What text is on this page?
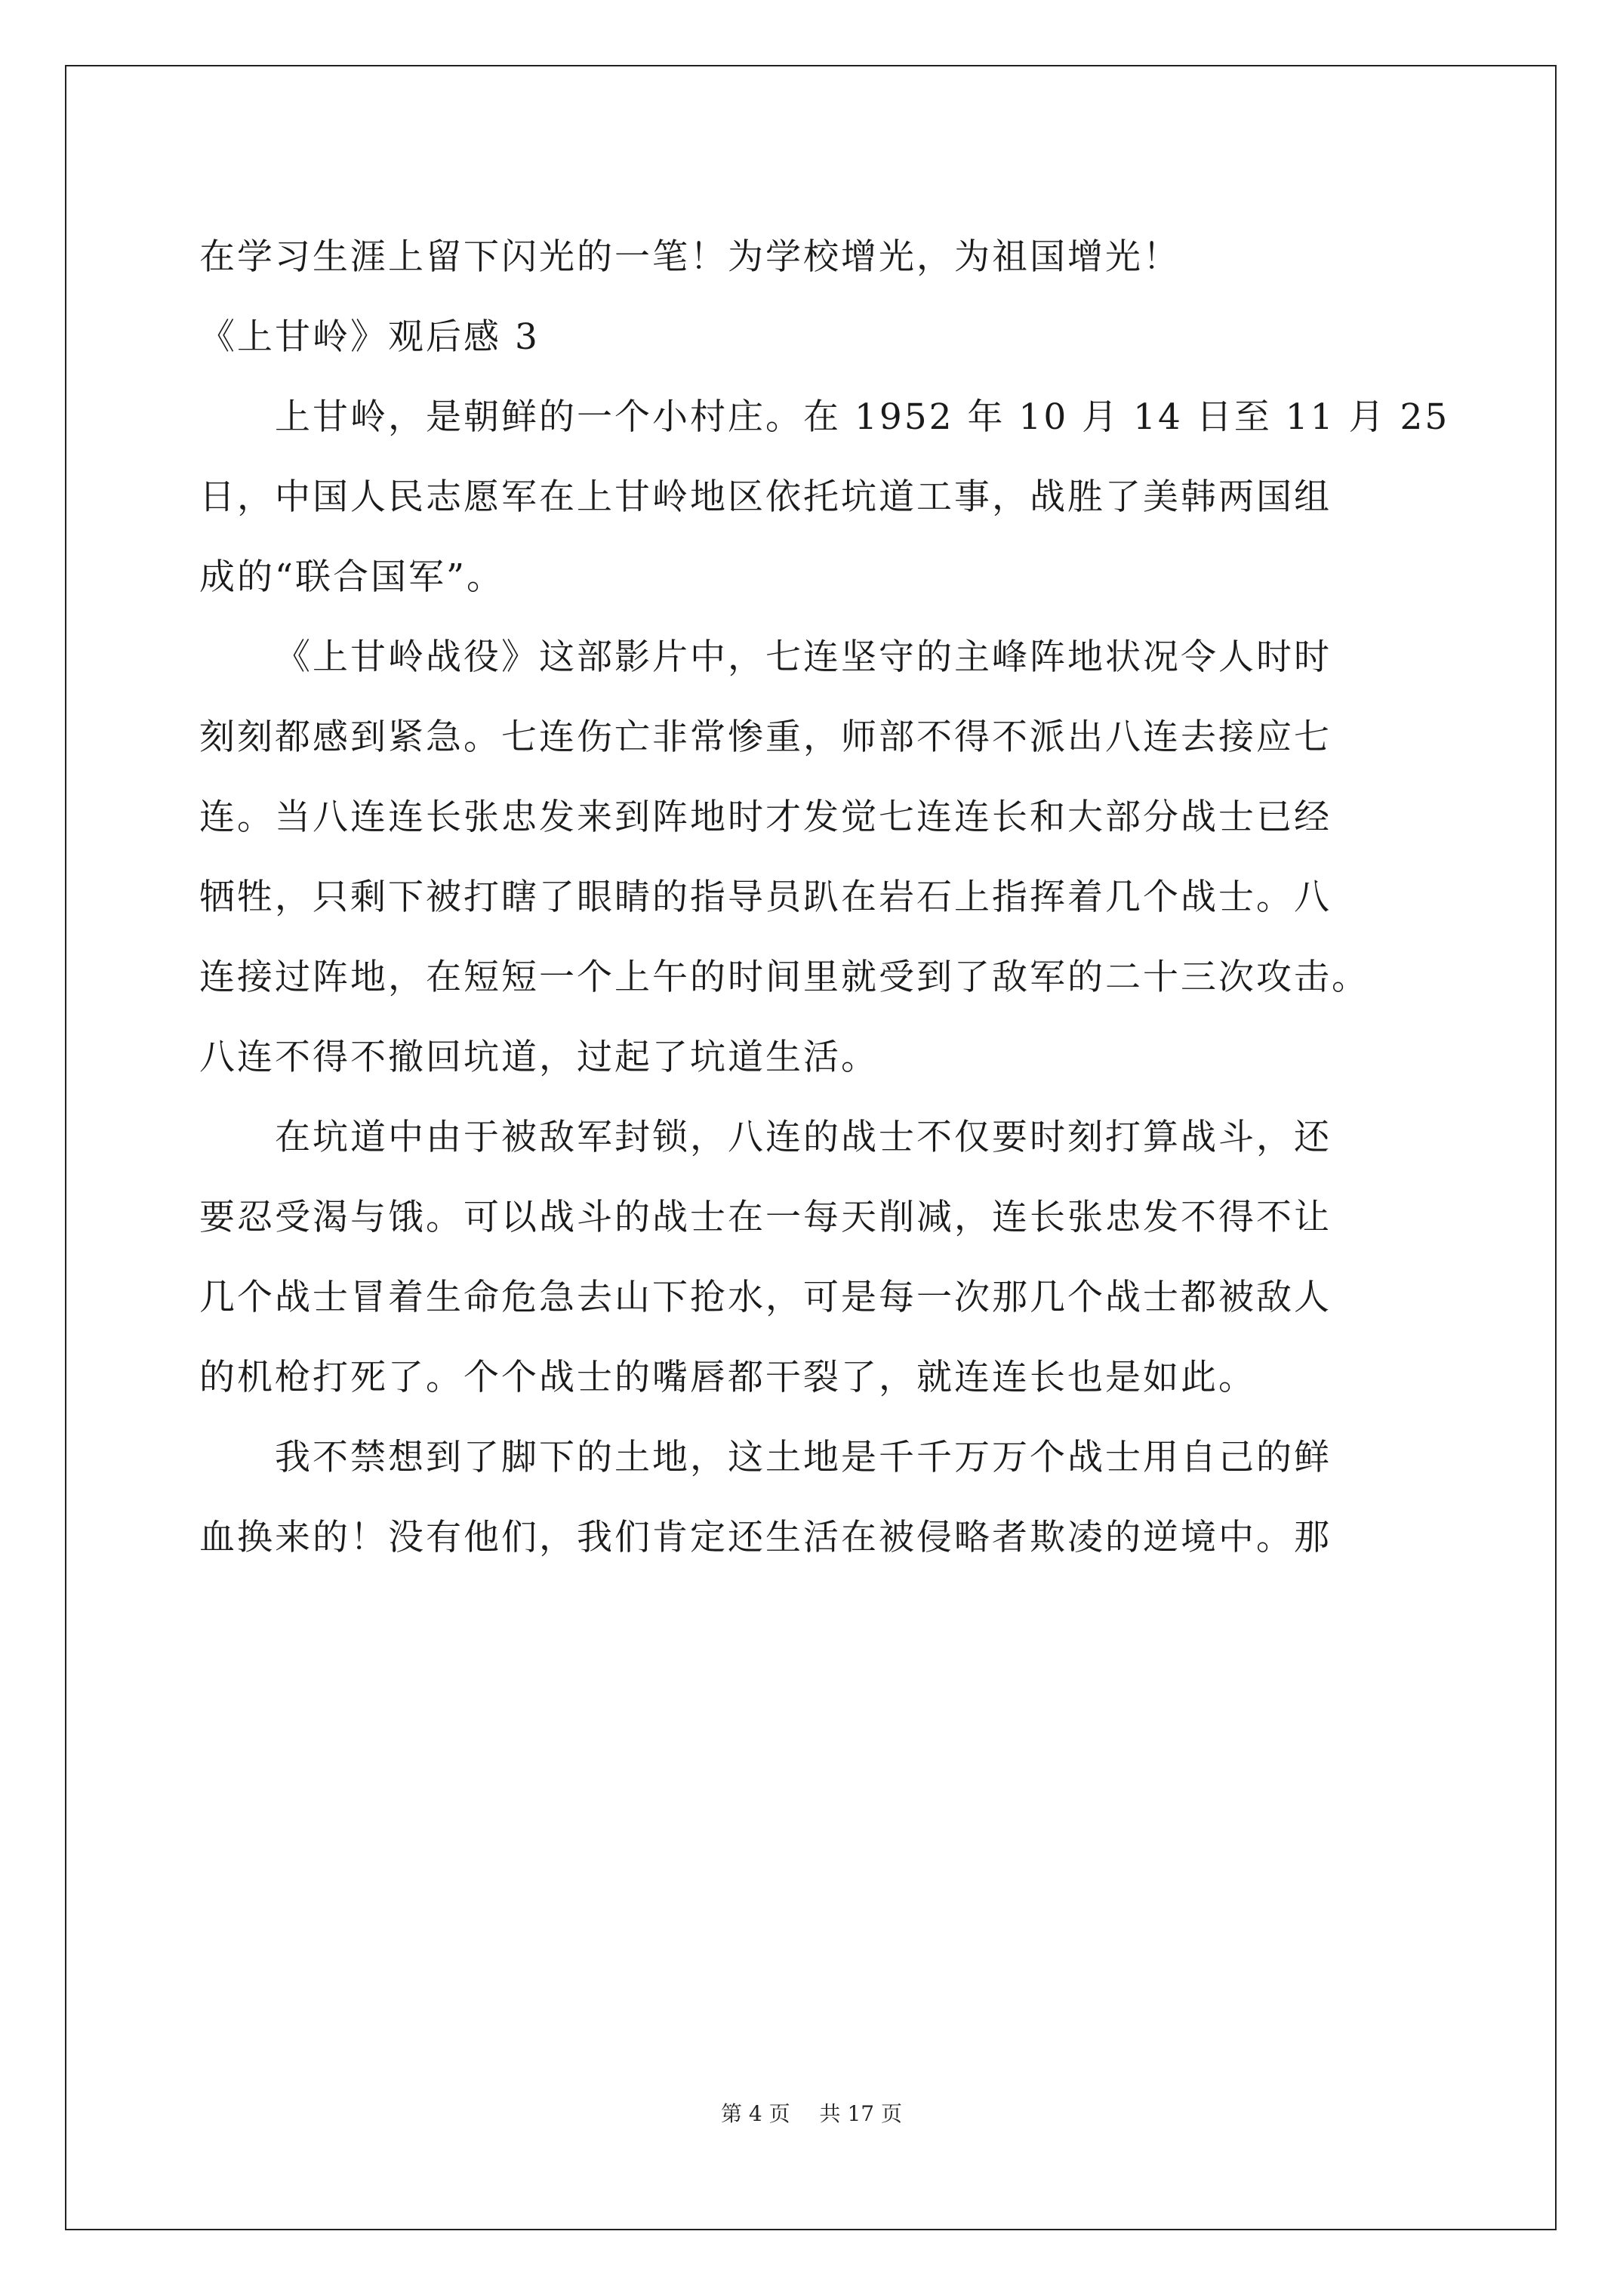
在学习生涯上留下闪光的一笔！为学校增光，为祖国增光！
《上甘岭》观后感 3
上甘岭，是朝鲜的一个小村庄。在 1952 年 10 月 14 日至 11 月 25
日，中国人民志愿军在上甘岭地区依托坑道工事，战胜了美韩两国组
成的“联合国军”。
《上甘岭战役》这部影片中，七连坚守的主峰阵地状况令人时时
刻刻都感到紧急。七连伤亡非常惨重，师部不得不派出八连去接应七
连。当八连连长张忠发来到阵地时才发觉七连连长和大部分战士已经
牺牲，只剩下被打瞎了眼睛的指导员趴在岩石上指挥着几个战士。八
连接过阵地，在短短一个上午的时间里就受到了敌军的二十三次攻击。
八连不得不撤回坑道，过起了坑道生活。
在坑道中由于被敌军封锁，八连的战士不仅要时刻打算战斗，还
要忍受渴与饿。可以战斗的战士在一每天削减，连长张忠发不得不让
几个战士冒着生命危急去山下抢水，可是每一次那几个战士都被敌人
的机枪打死了。个个战士的嘴唇都干裂了，就连连长也是如此。
我不禁想到了脚下的土地，这土地是千千万万个战士用自己的鲜
血换来的！没有他们，我们肯定还生活在被侵略者欺凌的逆境中。那
第 4 页 共 17 页
